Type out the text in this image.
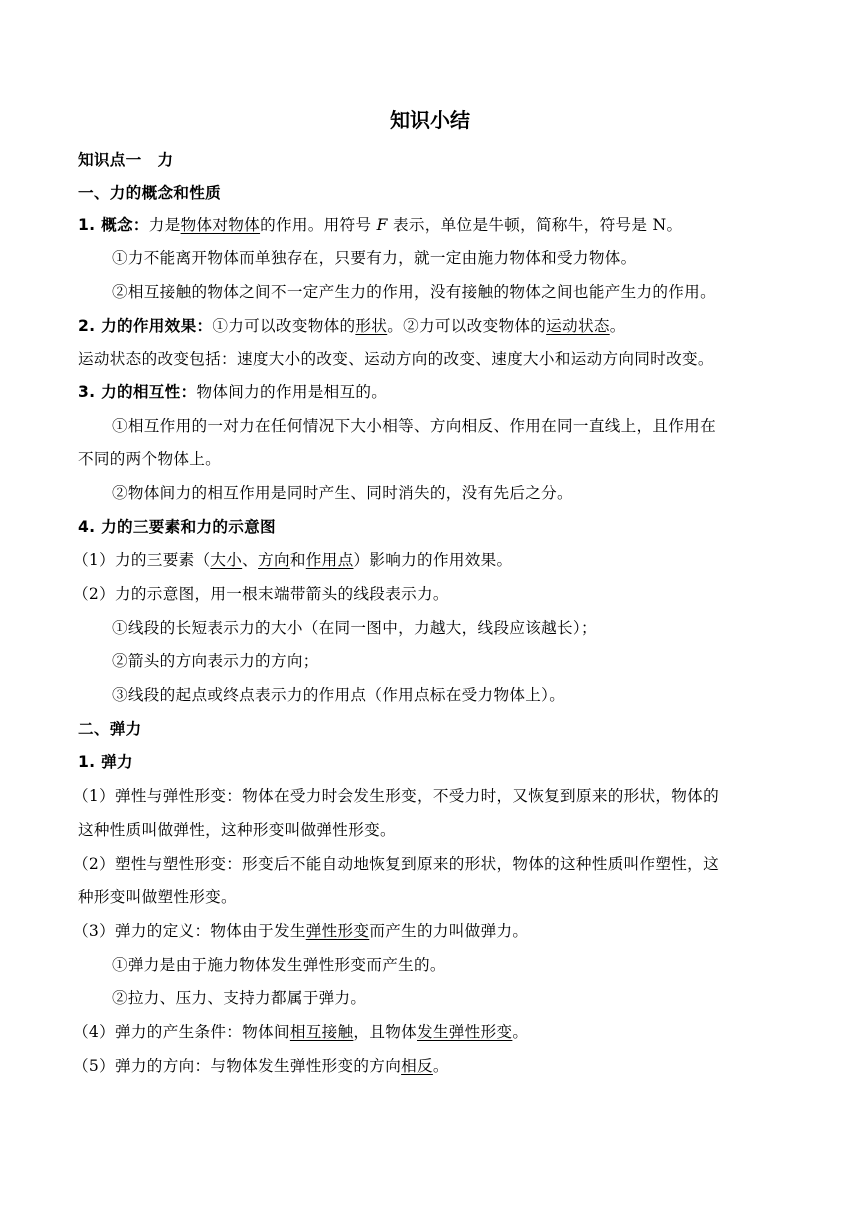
知识小结
知识点一　力
一、力的概念和性质
1. 概念：力是物体对物体的作用。用符号 F 表示，单位是牛顿，简称牛，符号是 N。
①力不能离开物体而单独存在，只要有力，就一定由施力物体和受力物体。
②相互接触的物体之间不一定产生力的作用，没有接触的物体之间也能产生力的作用。
2. 力的作用效果：①力可以改变物体的形状。②力可以改变物体的运动状态。
运动状态的改变包括：速度大小的改变、运动方向的改变、速度大小和运动方向同时改变。
3. 力的相互性：物体间力的作用是相互的。
①相互作用的一对力在任何情况下大小相等、方向相反、作用在同一直线上，且作用在
不同的两个物体上。
②物体间力的相互作用是同时产生、同时消失的，没有先后之分。
4. 力的三要素和力的示意图
（1）力的三要素（大小、方向和作用点）影响力的作用效果。
（2）力的示意图，用一根末端带箭头的线段表示力。
①线段的长短表示力的大小（在同一图中，力越大，线段应该越长）；
②箭头的方向表示力的方向；
③线段的起点或终点表示力的作用点（作用点标在受力物体上）。
二、弹力
1. 弹力
（1）弹性与弹性形变：物体在受力时会发生形变，不受力时，又恢复到原来的形状，物体的
这种性质叫做弹性，这种形变叫做弹性形变。
（2）塑性与塑性形变：形变后不能自动地恢复到原来的形状，物体的这种性质叫作塑性，这
种形变叫做塑性形变。
（3）弹力的定义：物体由于发生弹性形变而产生的力叫做弹力。
①弹力是由于施力物体发生弹性形变而产生的。
②拉力、压力、支持力都属于弹力。
（4）弹力的产生条件：物体间相互接触，且物体发生弹性形变。
（5）弹力的方向：与物体发生弹性形变的方向相反。
